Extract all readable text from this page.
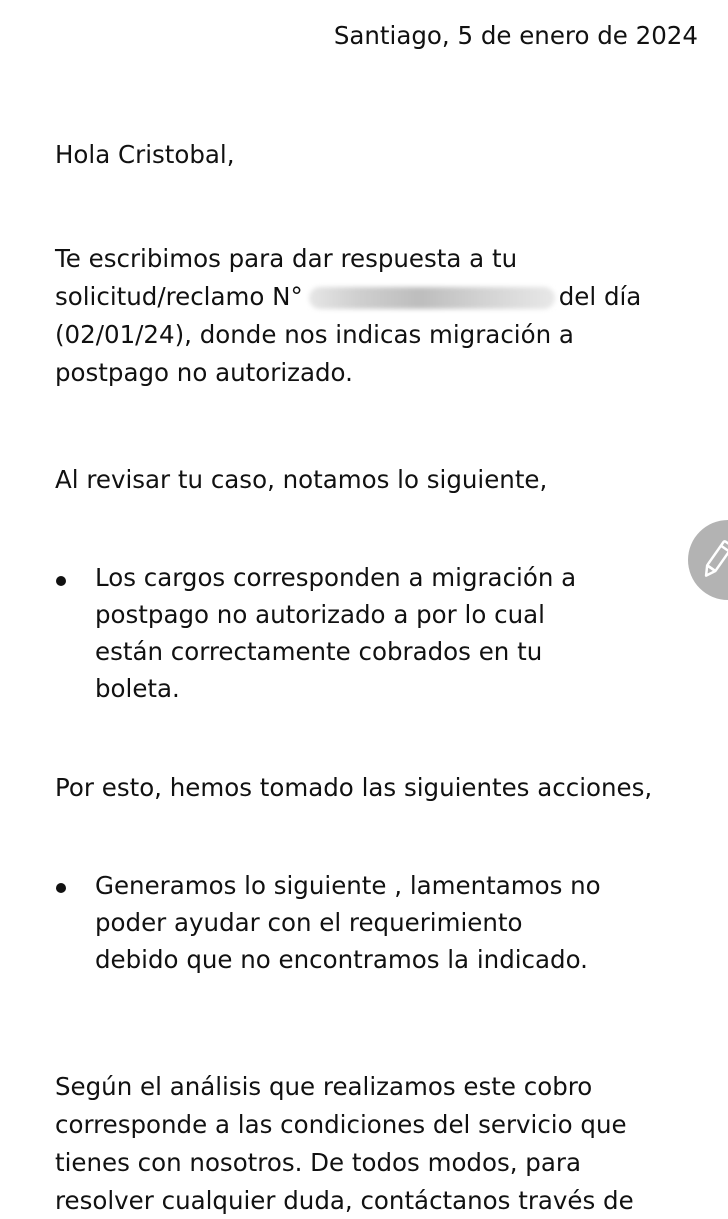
Santiago, 5 de enero de 2024

Hola Cristobal,

Te escribimos para dar respuesta a tu

solicitud/reclamo N°	del día

(02/01/24), donde nos indicas migración a

postpago no autorizado.

Al revisar tu caso, notamos lo siguiente,

Los cargos corresponden a migración a

postpago no autorizado a por lo cual

están correctamente cobrados en tu

boleta.

Por esto, hemos tomado las siguientes acciones,

Generamos lo siguiente , lamentamos no

poder ayudar con el requerimiento

debido que no encontramos la indicado.

Según el análisis que realizamos este cobro

corresponde a las condiciones del servicio que

tienes con nosotros. De todos modos, para

resolver cualquier duda, contáctanos través de
